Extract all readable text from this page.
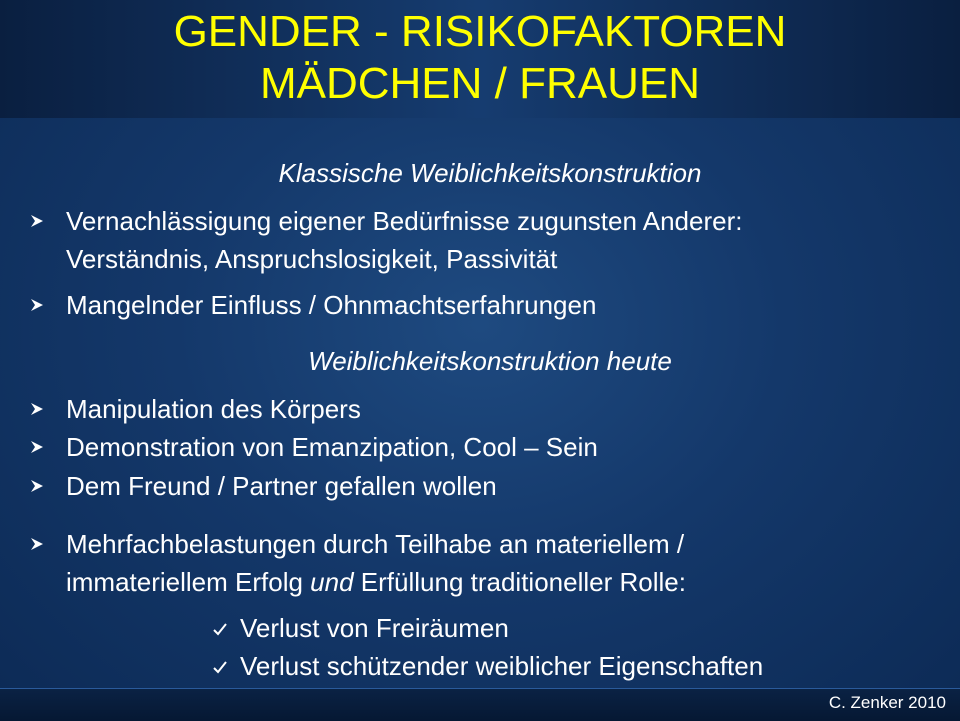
GENDER - RISIKOFAKTOREN
MÄDCHEN / FRAUEN
Klassische Weiblichkeitskonstruktion
Vernachlässigung eigener Bedürfnisse zugunsten Anderer:
Verständnis, Anspruchslosigkeit, Passivität
Mangelnder Einfluss / Ohnmachtserfahrungen
Weiblichkeitskonstruktion heute
Manipulation des Körpers
Demonstration von Emanzipation, Cool – Sein
Dem Freund / Partner gefallen wollen
Mehrfachbelastungen durch Teilhabe an materiellem /
immateriellem Erfolg und Erfüllung traditioneller Rolle:
Verlust von Freiräumen
Verlust schützender weiblicher Eigenschaften
C. Zenker 2010
